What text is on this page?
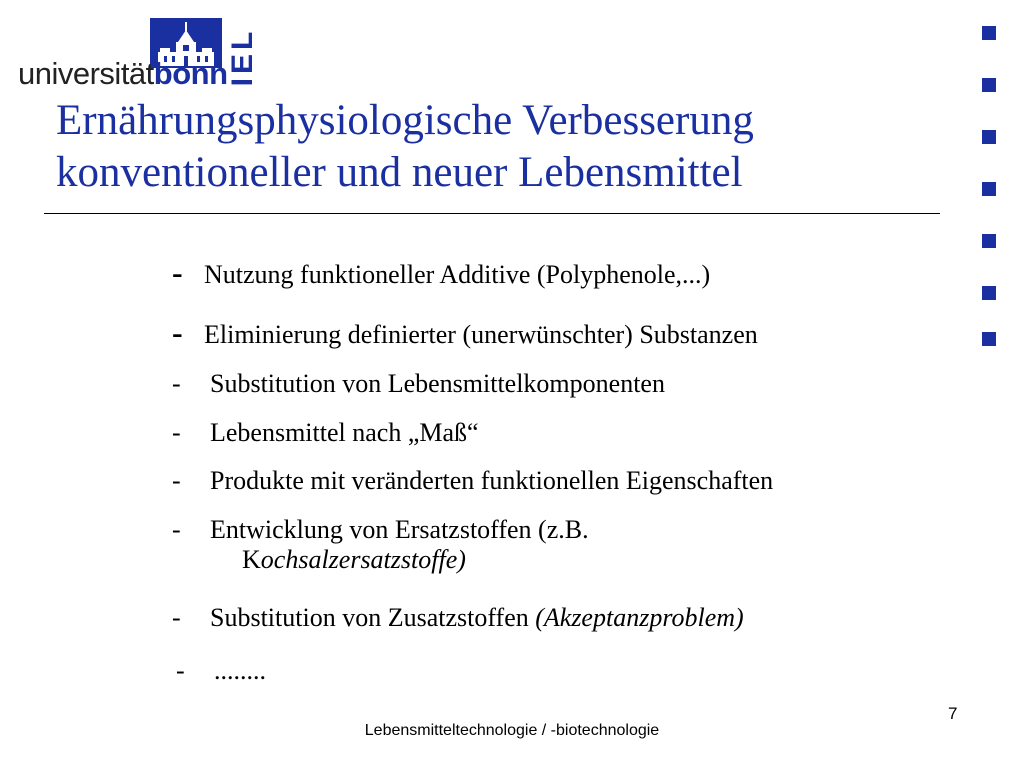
universitätbonn
IEL
Ernährungsphysiologische Verbesserung
konventioneller und neuer Lebensmittel
- Nutzung funktioneller Additive (Polyphenole,...)
- Eliminierung definierter (unerwünschter) Substanzen
- Substitution von Lebensmittelkomponenten
- Lebensmittel nach „Maß“
- Produkte mit veränderten funktionellen Eigenschaften
- Entwicklung von Ersatzstoffen (z.B.
Kochsalzersatzstoffe)
- Substitution von Zusatzstoffen (Akzeptanzproblem)
- ........
Lebensmitteltechnologie / -biotechnologie
7
